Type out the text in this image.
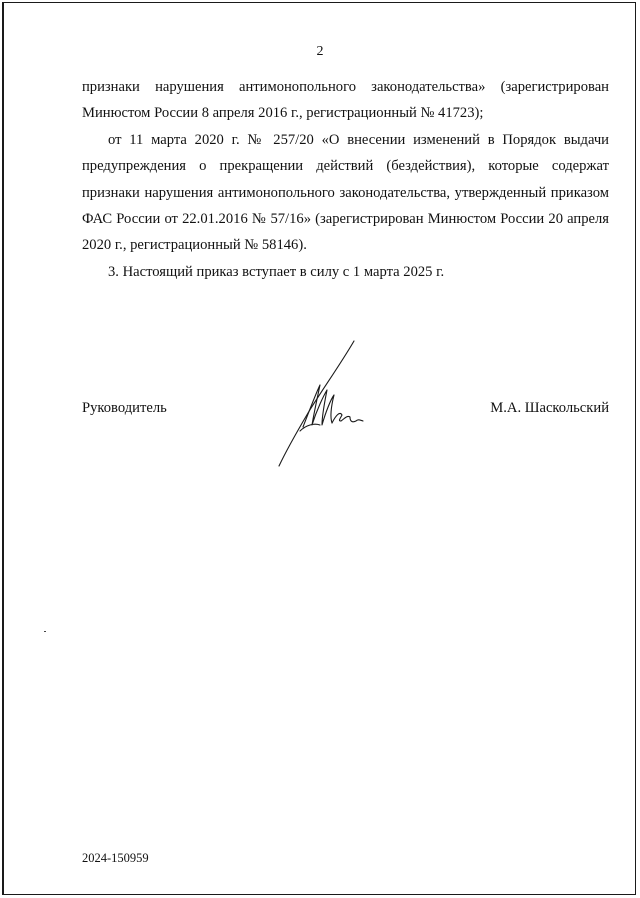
2

признаки нарушения антимонопольного законодательства» (зарегистрирован Минюстом России 8 апреля 2016 г., регистрационный № 41723);

от 11 марта 2020 г. № 257/20 «О внесении изменений в Порядок выдачи предупреждения о прекращении действий (бездействия), которые содержат признаки нарушения антимонопольного законодательства, утвержденный приказом ФАС России от 22.01.2016 № 57/16» (зарегистрирован Минюстом России 20 апреля 2020 г., регистрационный № 58146).

3. Настоящий приказ вступает в силу с 1 марта 2025 г.

Руководитель	М.А. Шаскольский
2024-150959
